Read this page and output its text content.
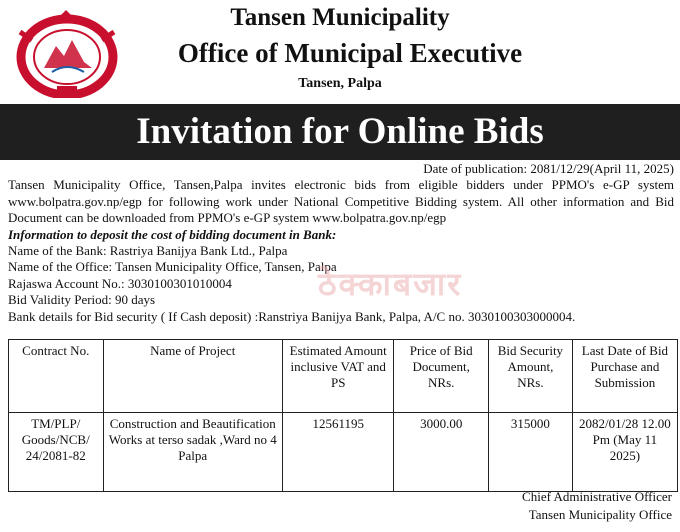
Tansen Municipality
Office of Municipal Executive
Tansen, Palpa
Invitation for Online Bids
Date of publication: 2081/12/29(April 11, 2025)
Tansen Municipality Office, Tansen,Palpa invites electronic bids from eligible bidders under PPMO's e-GP system www.bolpatra.gov.np/egp for following work under National Competitive Bidding system. All other information and Bid Document can be downloaded from PPMO's e-GP system www.bolpatra.gov.np/egp
Information to deposit the cost of bidding document in Bank:
Name of the Bank: Rastriya Banijya Bank Ltd., Palpa
Name of the Office: Tansen Municipality Office, Tansen, Palpa
Rajaswa Account No.: 3030100301010004
Bid Validity Period: 90 days
Bank details for Bid security ( If Cash deposit) :Ranstriya Banijya Bank, Palpa, A/C no. 3030100303000004.
ठेक्काबजार
Contract No.	Name of Project	Estimated Amount inclusive VAT and PS	Price of Bid Document, NRs.	Bid Security Amount, NRs.	Last Date of Bid Purchase and Submission
TM/PLP/ Goods/NCB/ 24/2081-82	Construction and Beautification Works at terso sadak ,Ward no 4 Palpa	12561195	3000.00	315000	2082/01/28 12.00 Pm (May 11 2025)
Chief Administrative Officer
Tansen Municipality Office
